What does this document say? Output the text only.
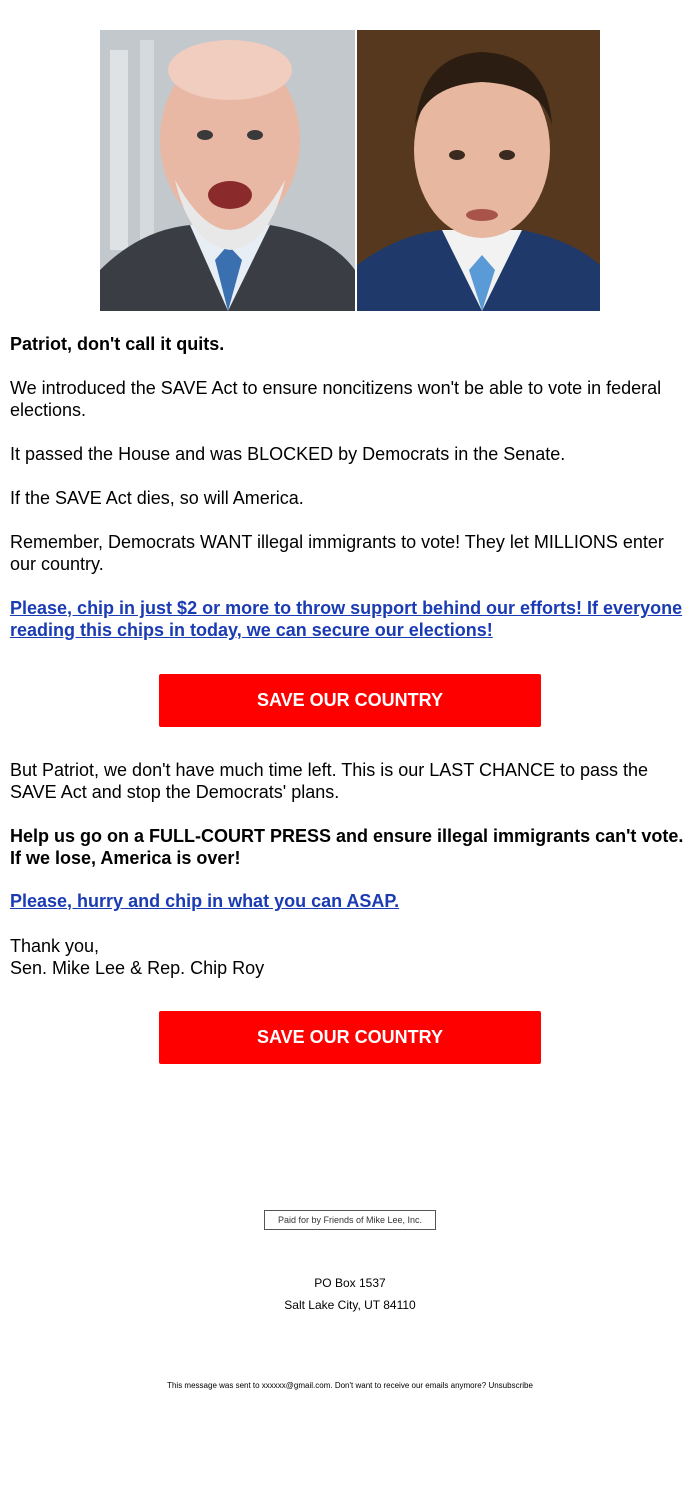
Patriot, don't call it quits.

We introduced the SAVE Act to ensure noncitizens won't be able to vote in federal elections.

It passed the House and was BLOCKED by Democrats in the Senate.

If the SAVE Act dies, so will America.

Remember, Democrats WANT illegal immigrants to vote! They let MILLIONS enter our country.

Please, chip in just $2 or more to throw support behind our efforts! If everyone reading this chips in today, we can secure our elections!

SAVE OUR COUNTRY

But Patriot, we don't have much time left. This is our LAST CHANCE to pass the SAVE Act and stop the Democrats' plans.

Help us go on a FULL-COURT PRESS and ensure illegal immigrants can't vote. If we lose, America is over!

Please, hurry and chip in what you can ASAP.

Thank you,
Sen. Mike Lee & Rep. Chip Roy

SAVE OUR COUNTRY
Paid for by Friends of Mike Lee, Inc.
PO Box 1537
Salt Lake City, UT 84110
This message was sent to xxxxxx@gmail.com. Don't want to receive our emails anymore? Unsubscribe
